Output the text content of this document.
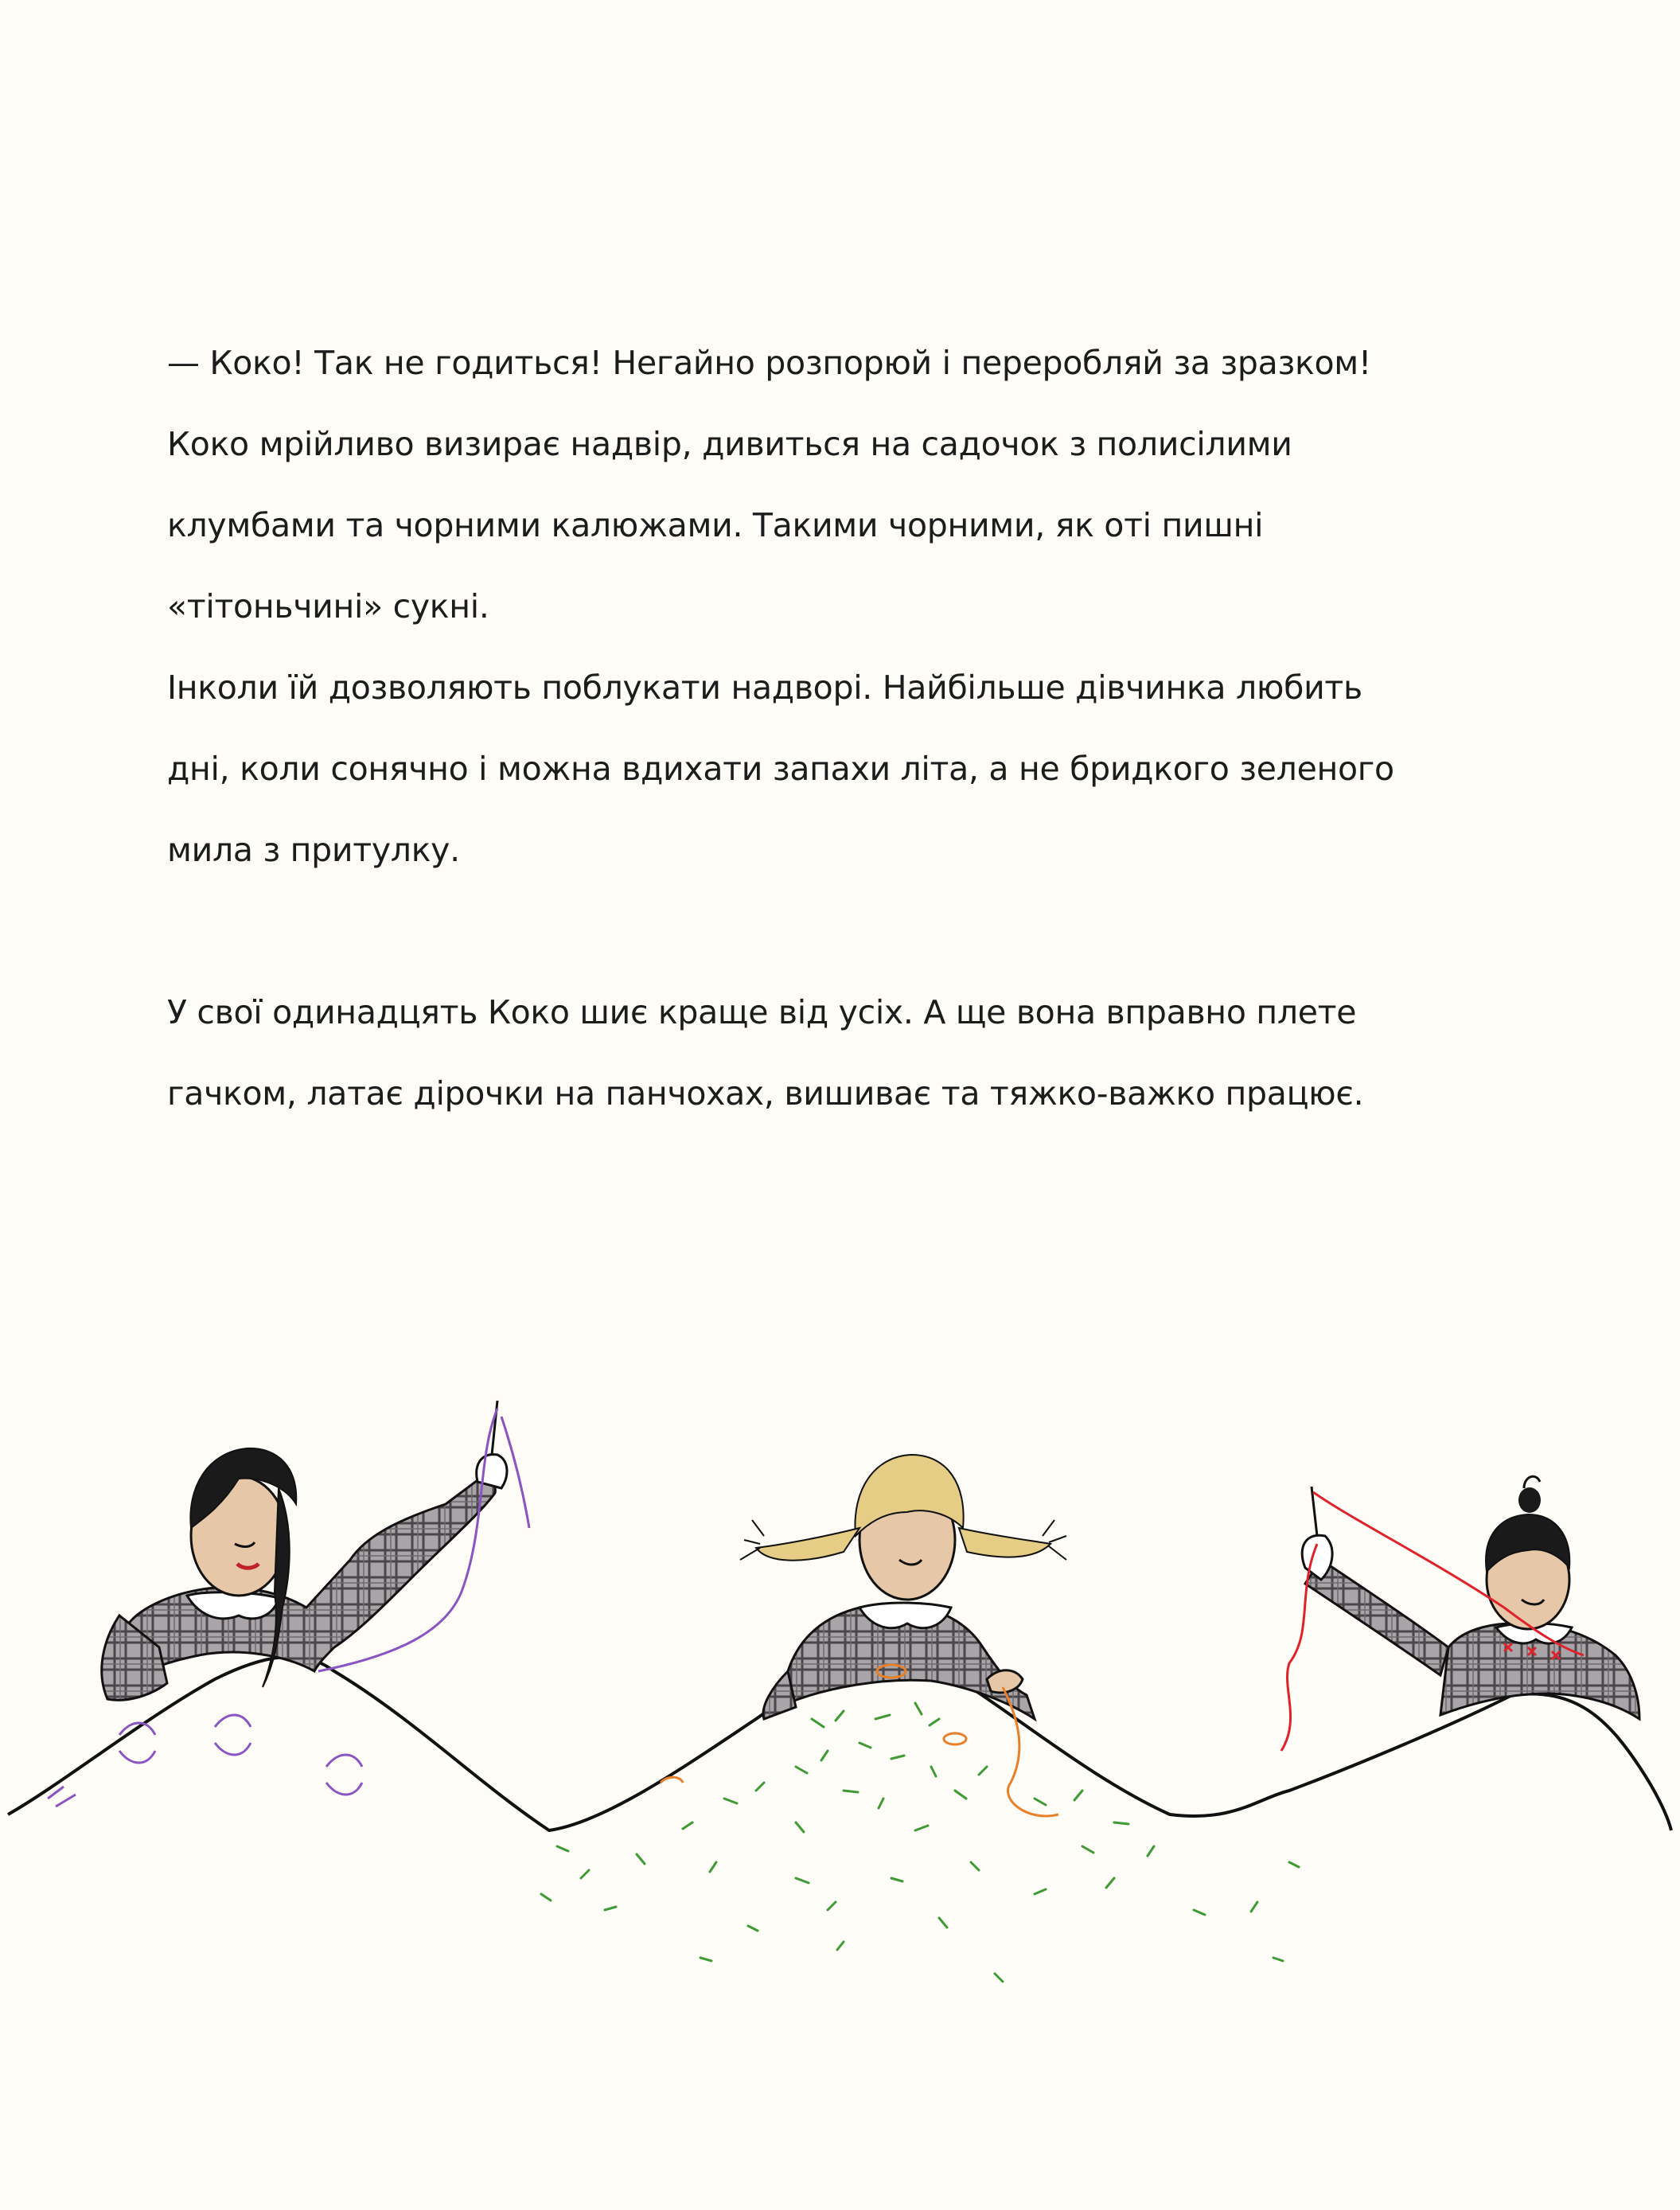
— Коко! Так не годиться! Негайно розпорюй і переробляй за зразком!
Коко мрійливо визирає надвір, дивиться на садочок з полисілими
клумбами та чорними калюжами. Такими чорними, як оті пишні
«тітоньчині» сукні.
Інколи їй дозволяють поблукати надворі. Найбільше дівчинка любить
дні, коли сонячно і можна вдихати запахи літа, а не бридкого зеленого
мила з притулку.
У свої одинадцять Коко шиє краще від усіх. А ще вона вправно плете
гачком, латає дірочки на панчохах, вишиває та тяжко-важко працює.
